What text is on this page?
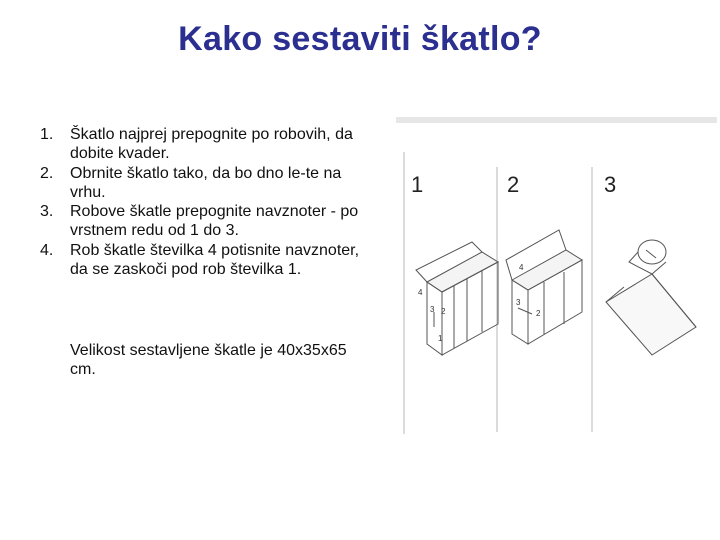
Kako sestaviti škatlo?
1. Škatlo najprej prepognite po robovih, da dobite kvader.
2. Obrnite škatlo tako, da bo dno le-te na vrhu.
3. Robove škatle prepognite navznoter - po vrstnem redu od 1 do 3.
4. Rob škatle številka 4 potisnite navznoter, da se zaskoči pod rob številka 1.
Velikost sestavljene škatle je 40x35x65 cm.
1	2	3
4
3 2
1
4
3
2
